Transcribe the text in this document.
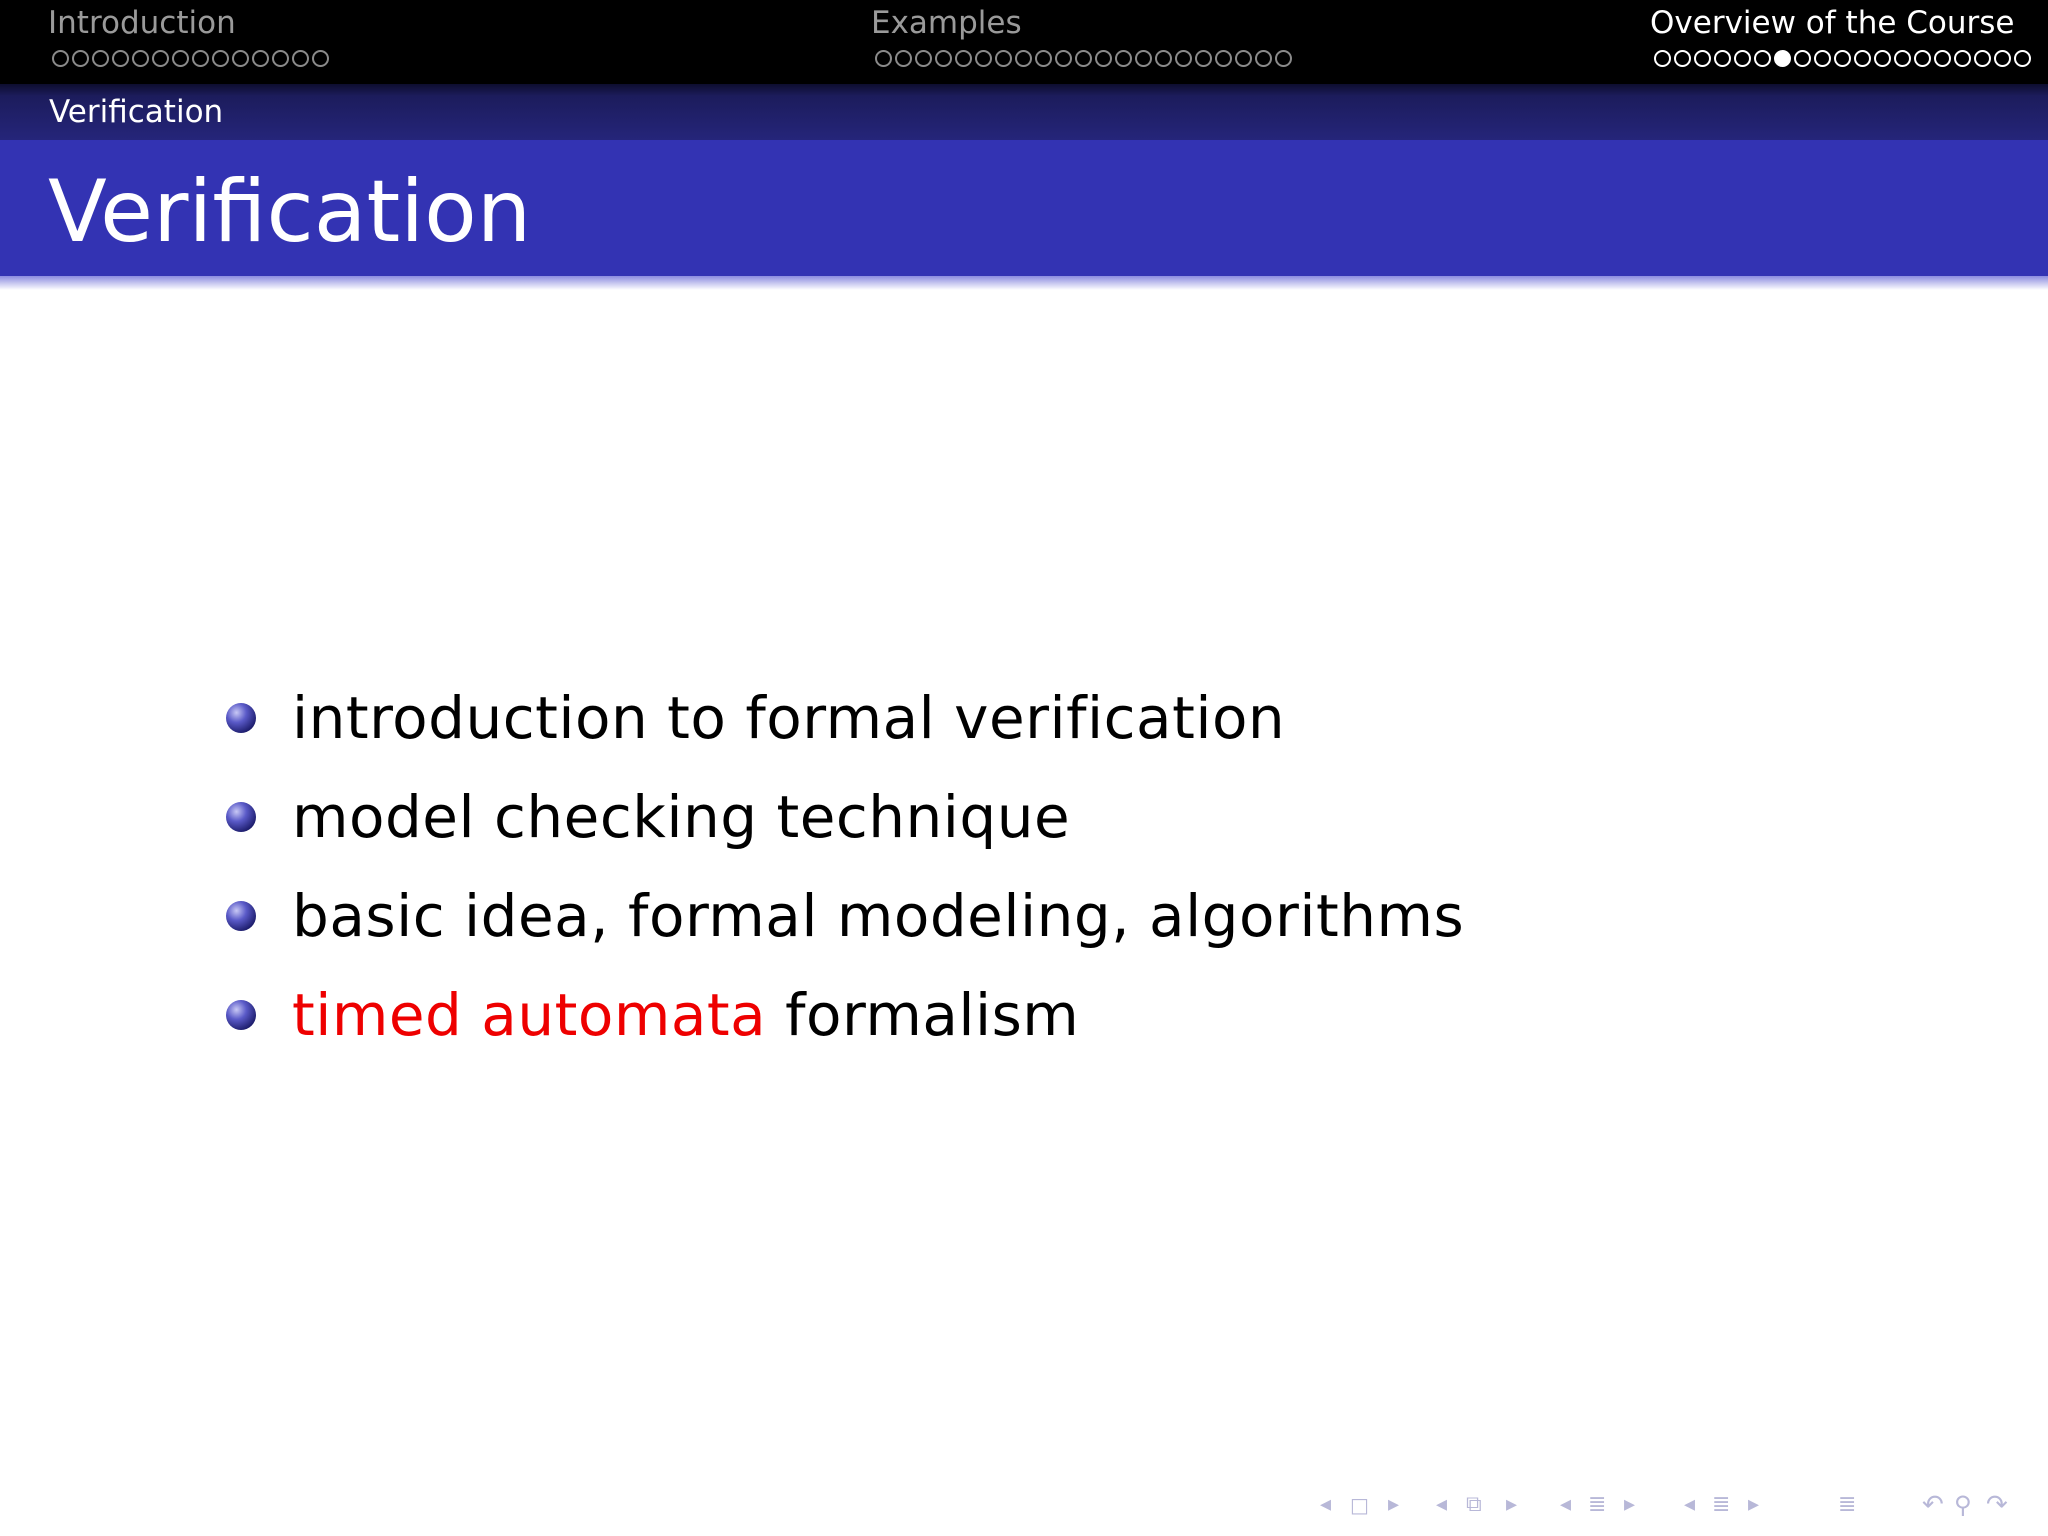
Introduction	Examples	Overview of the Course
Verification
Verification
introduction to formal verification
model checking technique
basic idea, formal modeling, algorithms
timed automata formalism
◂ □ ▸ ◂ ⧉ ▸ ◂ ≣ ▸ ◂ ≣ ▸	≣	↶ ⚲ ↷
